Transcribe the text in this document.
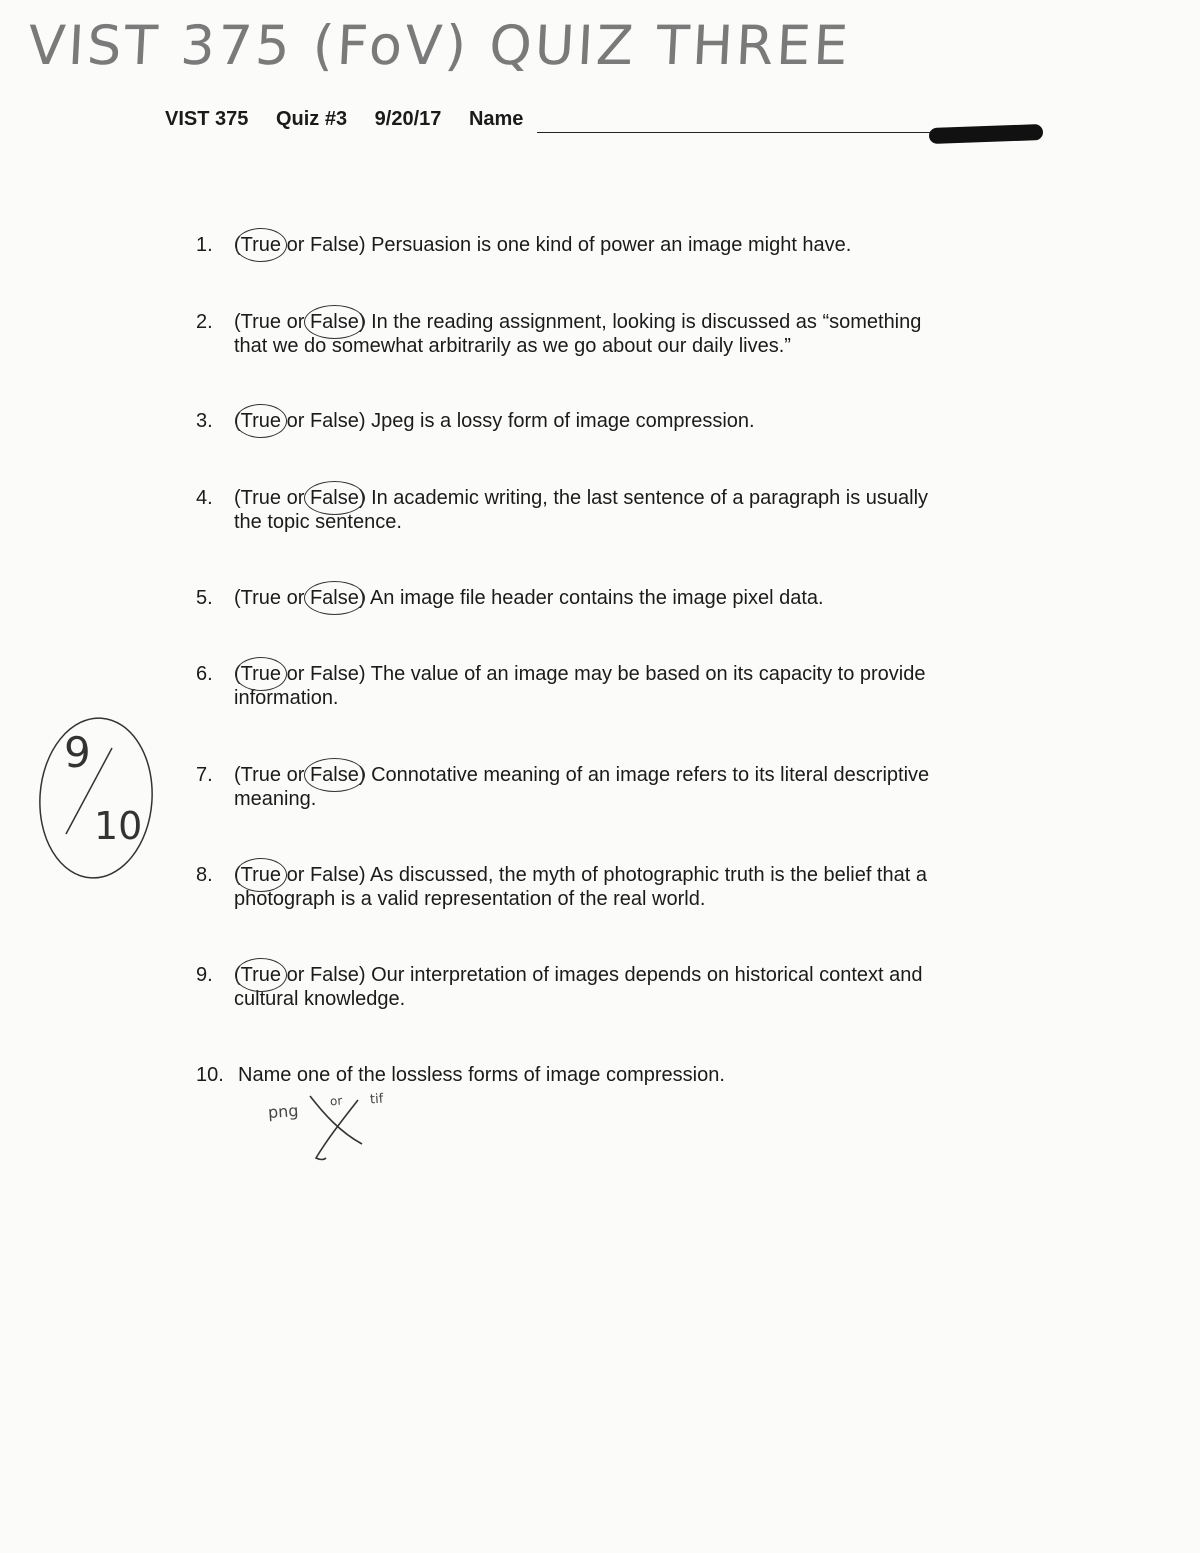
VIST 375 (FoV) QUIZ THREE
VIST 375 Quiz #3 9/20/17 Name
1. (True
or False) Persuasion is one kind of power an image might have.
2. (True or False
) In the reading assignment, looking is discussed as “something
that we do somewhat arbitrarily as we go about our daily lives.”
3. (True
or False) Jpeg is a lossy form of image compression.
4. (True or False
) In academic writing, the last sentence of a paragraph is usually
the topic sentence.
5. (True or False
) An image file header contains the image pixel data.
6. (True
or False) The value of an image may be based on its capacity to provide
information.
7. (True or False
) Connotative meaning of an image refers to its literal descriptive
meaning.
8. (True
or False) As discussed, the myth of photographic truth is the belief that a
photograph is a valid representation of the real world.
9. (True
or False) Our interpretation of images depends on historical context and
cultural knowledge.
10. Name one of the lossless forms of image compression.
png	or tif
9
10
